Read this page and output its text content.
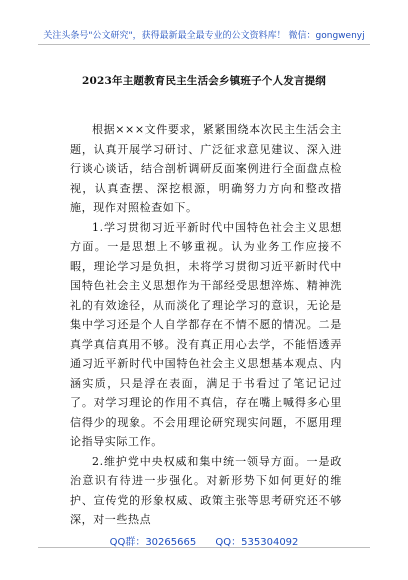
关注头条号"公文研究"，获得最新最全最专业的公文资料库！ 微信：gongwenyj
2023年主题教育民主生活会乡镇班子个人发言提纲

根据×××文件要求，紧紧围绕本次民主生活会主题，认真开展学习研讨、广泛征求意见建议、深入进行谈心谈话，结合剖析调研反面案例进行全面盘点检视，认真查摆、深挖根源，明确努力方向和整改措施，现作对照检查如下。

1.学习贯彻习近平新时代中国特色社会主义思想方面。一是思想上不够重视。认为业务工作应接不暇，理论学习是负担，未将学习贯彻习近平新时代中国特色社会主义思想作为干部经受思想淬炼、精神洗礼的有效途径，从而淡化了理论学习的意识，无论是集中学习还是个人自学都存在不情不愿的情况。二是真学真信真用不够。没有真正用心去学，不能悟透弄通习近平新时代中国特色社会主义思想基本观点、内涵实质，只是浮在表面，满足于书看过了笔记记过了。对学习理论的作用不真信，存在嘴上喊得多心里信得少的现象。不会用理论研究现实问题，不愿用理论指导实际工作。

2.维护党中央权威和集中统一领导方面。一是政治意识有待进一步强化。对新形势下如何更好的维护、宣传党的形象权威、政策主张等思考研究还不够深，对一些热点

QQ群：30265665 QQ：535304092
